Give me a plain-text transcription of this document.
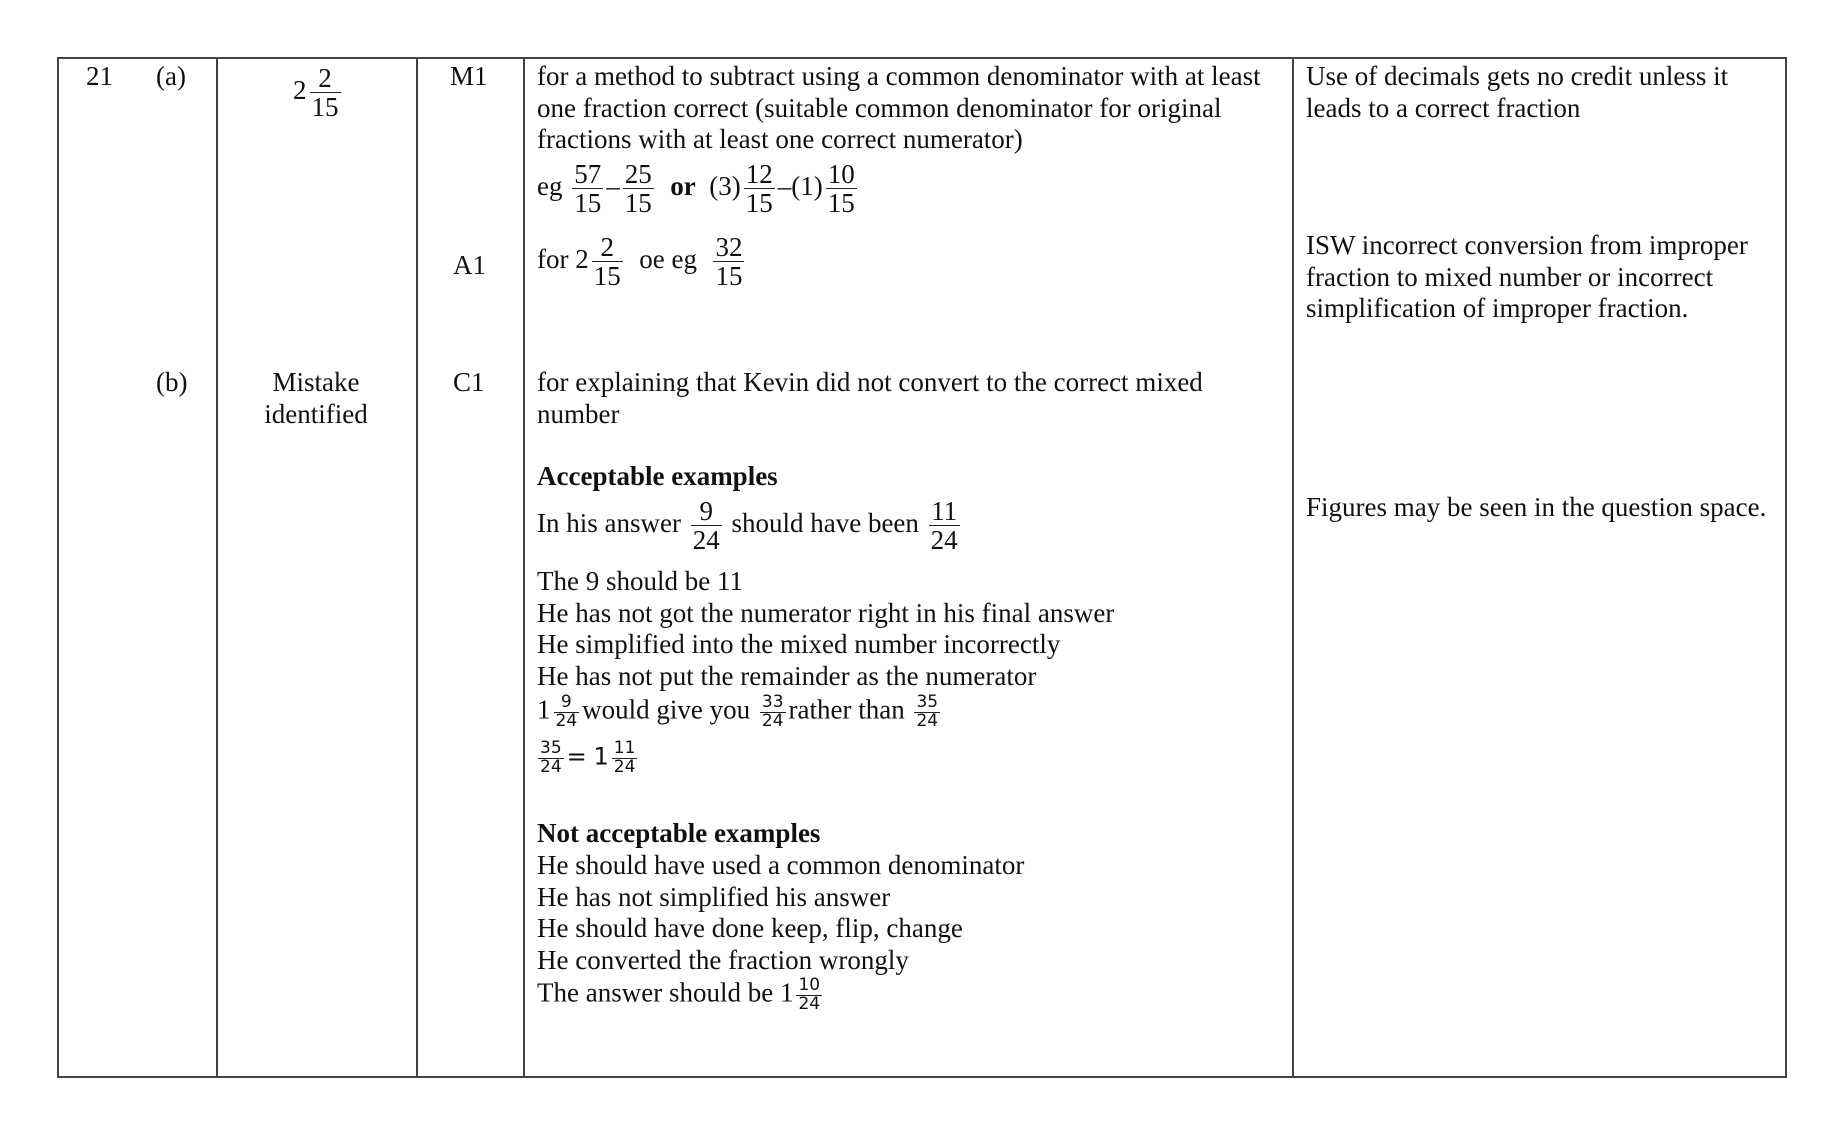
21 (a)
(b)
$2 \frac{2}{15}$	M1
A1
C1
for a method to subtract using a common denominator with at least
one fraction correct (suitable common denominator for original
fractions with at least one correct numerator)
eg $\frac{57}{15} - \frac{25}{15}$ or $(3) \frac{12}{15} -(1) \frac{10}{15}$
for $2 \frac{2}{15}$ oe eg $\frac{32}{15}$
Use of decimals gets no credit unless it
leads to a correct fraction
ISW incorrect conversion from improper
fraction to mixed number or incorrect
simplification of improper fraction.
Mistake
identified
for explaining that Kevin did not convert to the correct mixed
number
Acceptable examples
In his answer $\frac{9}{24}$ should have been $\frac{11}{24}$
The 9 should be 11
He has not got the numerator right in his final answer
He simplified into the mixed number incorrectly
He has not put the remainder as the numerator
$1 \frac{9}{24}$ would give you $\frac{33}{24}$ rather than $\frac{35}{24}$
$\frac{35}{24} = 1 \frac{11}{24}$
Not acceptable examples
He should have used a common denominator
He has not simplified his answer
He should have done keep, flip, change
He converted the fraction wrongly
The answer should be $1 \frac{10}{24}$
Figures may be seen in the question space.
